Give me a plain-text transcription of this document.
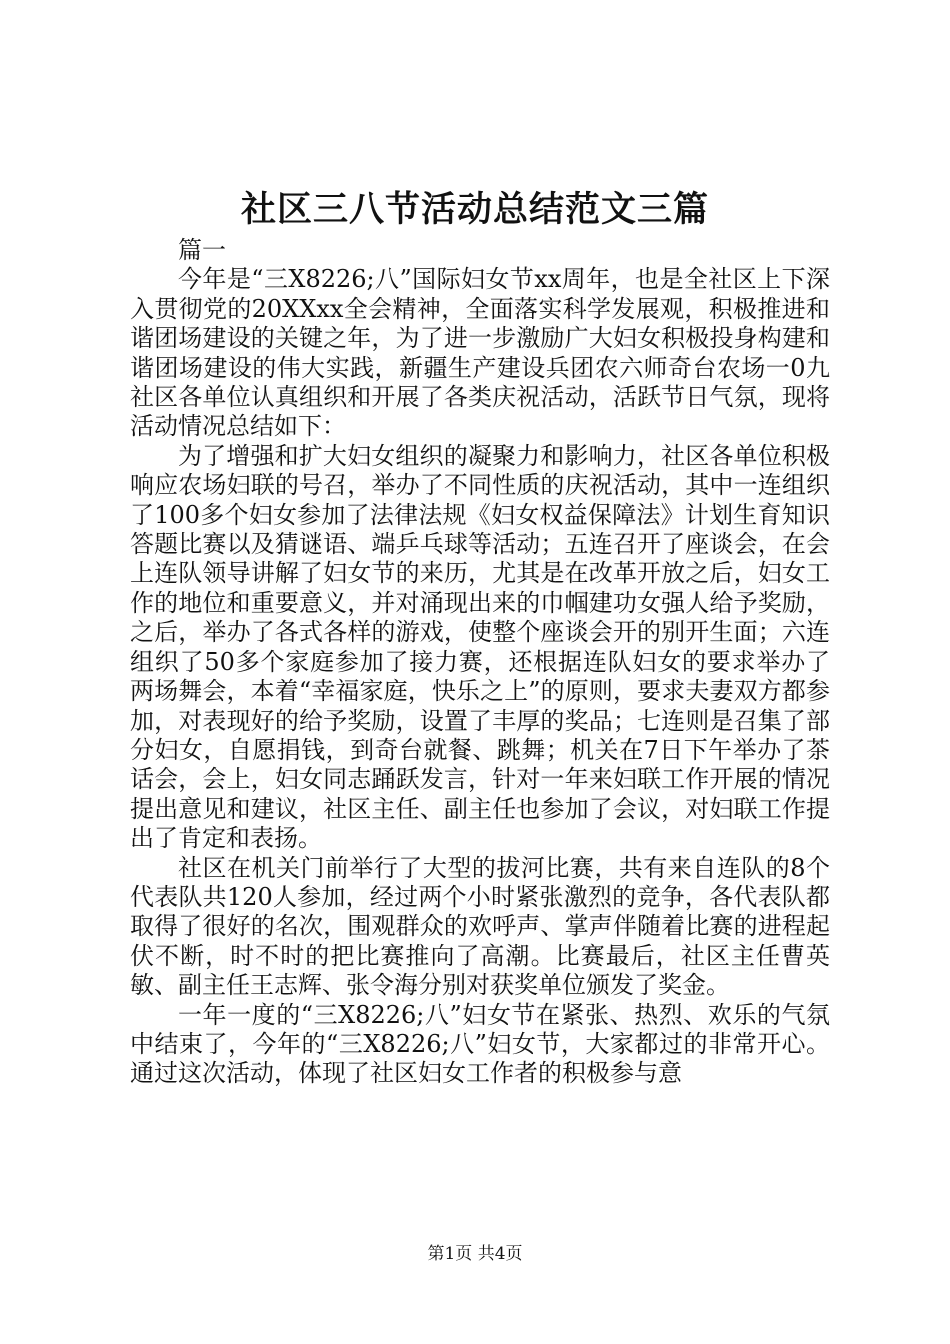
社区三八节活动总结范文三篇

篇一

今年是“三X8226;八”国际妇女节xx周年，也是全社区上下深入贯彻党的20XXxx全会精神，全面落实科学发展观，积极推进和谐团场建设的关键之年，为了进一步激励广大妇女积极投身构建和谐团场建设的伟大实践，新疆生产建设兵团农六师奇台农场一0九社区各单位认真组织和开展了各类庆祝活动，活跃节日气氛，现将活动情况总结如下：

为了增强和扩大妇女组织的凝聚力和影响力，社区各单位积极响应农场妇联的号召，举办了不同性质的庆祝活动，其中一连组织了100多个妇女参加了法律法规《妇女权益保障法》计划生育知识答题比赛以及猜谜语、端乒乓球等活动；五连召开了座谈会，在会上连队领导讲解了妇女节的来历，尤其是在改革开放之后，妇女工作的地位和重要意义，并对涌现出来的巾帼建功女强人给予奖励，之后，举办了各式各样的游戏，使整个座谈会开的别开生面；六连组织了50多个家庭参加了接力赛，还根据连队妇女的要求举办了两场舞会，本着“幸福家庭，快乐之上”的原则，要求夫妻双方都参加，对表现好的给予奖励，设置了丰厚的奖品；七连则是召集了部分妇女，自愿捐钱，到奇台就餐、跳舞；机关在7日下午举办了茶话会，会上，妇女同志踊跃发言，针对一年来妇联工作开展的情况提出意见和建议，社区主任、副主任也参加了会议，对妇联工作提出了肯定和表扬。

社区在机关门前举行了大型的拔河比赛，共有来自连队的8个代表队共120人参加，经过两个小时紧张激烈的竞争，各代表队都取得了很好的名次，围观群众的欢呼声、掌声伴随着比赛的进程起伏不断，时不时的把比赛推向了高潮。比赛最后，社区主任曹英敏、副主任王志辉、张令海分别对获奖单位颁发了奖金。

一年一度的“三X8226;八”妇女节在紧张、热烈、欢乐的气氛中结束了，今年的“三X8226;八”妇女节，大家都过的非常开心。通过这次活动，体现了社区妇女工作者的积极参与意

第1页 共4页
